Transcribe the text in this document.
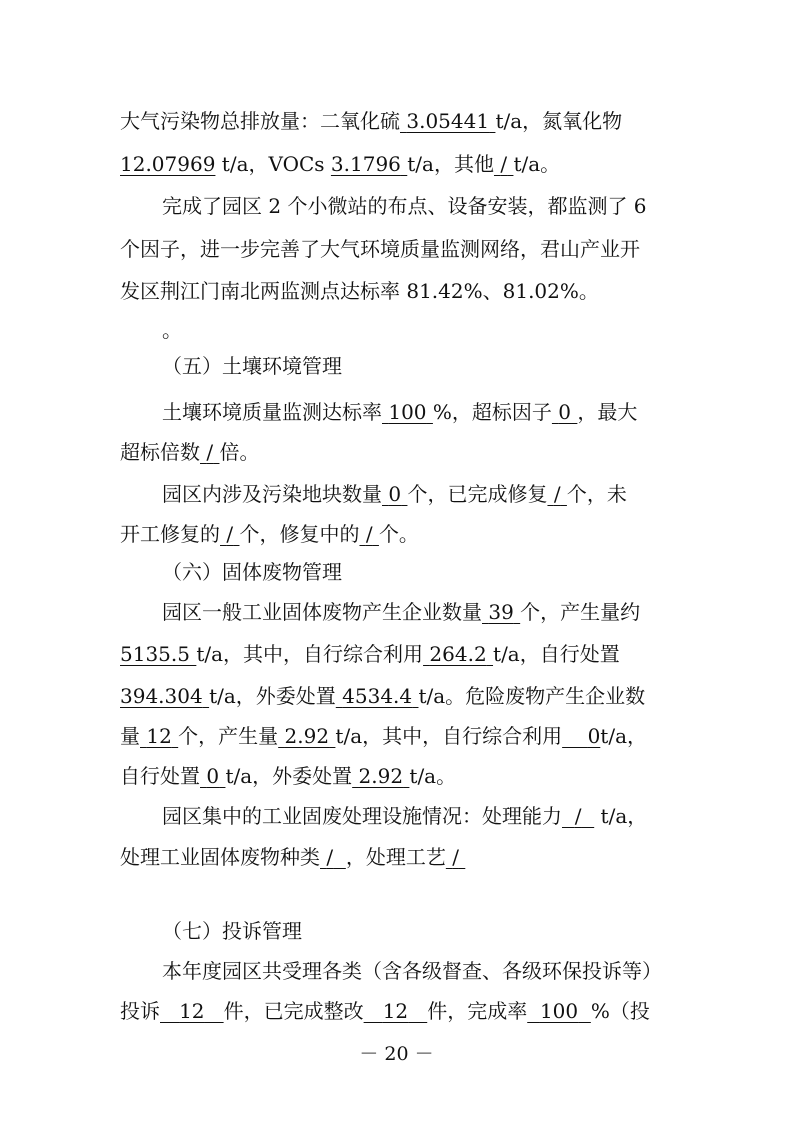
大气污染物总排放量：二氧化硫 3.05441 t/a，氮氧化物
12.07969 t/a，VOCs 3.1796 t/a，其他 / t/a。
完成了园区 2 个小微站的布点、设备安装，都监测了 6
个因子，进一步完善了大气环境质量监测网络，君山产业开
发区荆江门南北两监测点达标率 81.42%、81.02%。
。
（五）土壤环境管理
土壤环境质量监测达标率 100 %，超标因子 0 ，最大
超标倍数 / 倍。
园区内涉及污染地块数量 0 个，已完成修复 / 个，未
开工修复的 / 个，修复中的 / 个。
（六）固体废物管理
园区一般工业固体废物产生企业数量 39 个，产生量约
5135.5 t/a，其中，自行综合利用 264.2 t/a，自行处置
394.304 t/a，外委处置 4534.4 t/a。危险废物产生企业数
量 12 个，产生量 2.92 t/a，其中，自行综合利用 0t/a，
自行处置 0 t/a，外委处置 2.92 t/a。
园区集中的工业固废处理设施情况：处理能力 / t/a，
处理工业固体废物种类 / ，处理工艺 /
（七）投诉管理
本年度园区共受理各类（含各级督查、各级环保投诉等）
投诉 12 件，已完成整改 12 件，完成率 100 %（投
－ 20 －
